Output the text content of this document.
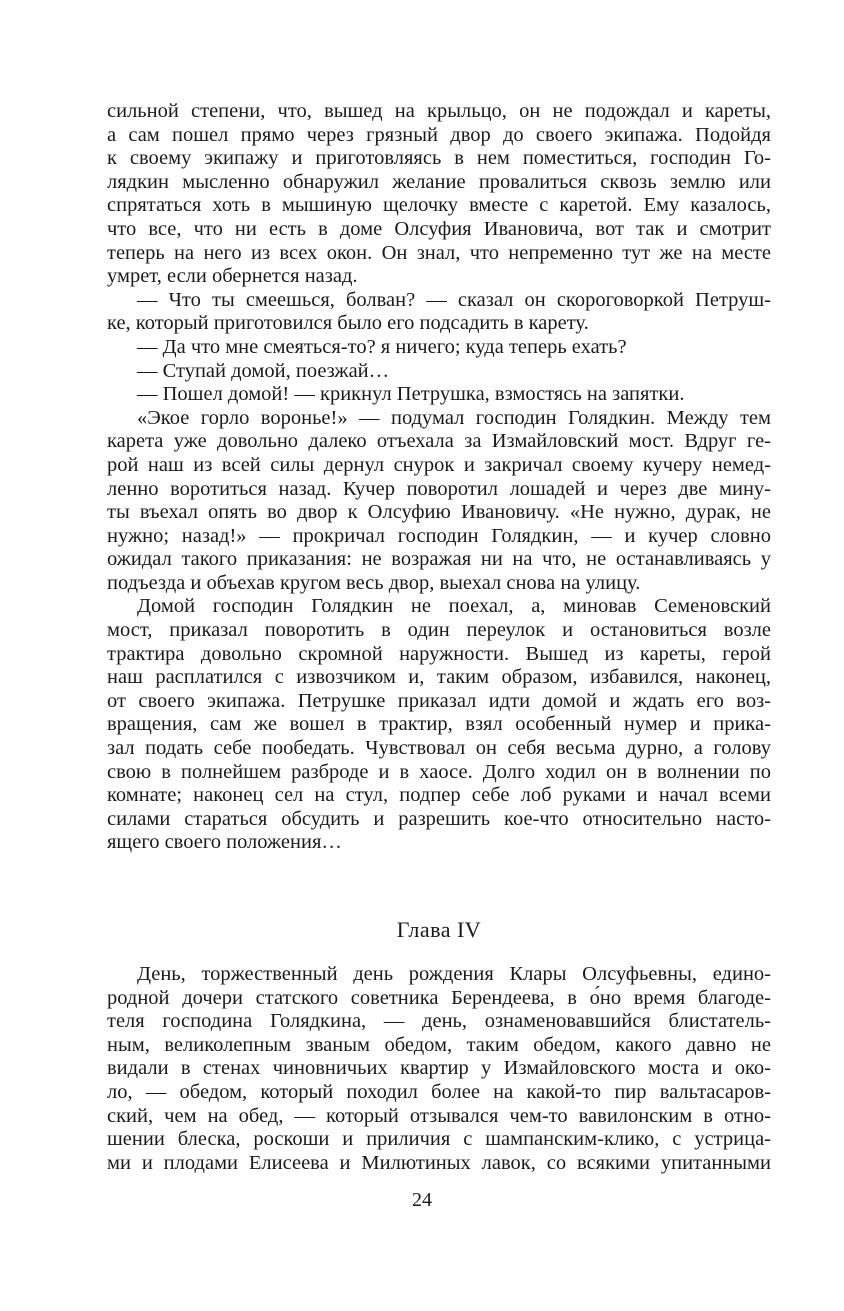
сильной степени, что, вышед на крыльцо, он не подождал и кареты,
а сам пошел прямо через грязный двор до своего экипажа. Подойдя
к своему экипажу и приготовляясь в нем поместиться, господин Го-
лядкин мысленно обнаружил желание провалиться сквозь землю или
спрятаться хоть в мышиную щелочку вместе с каретой. Ему казалось,
что все, что ни есть в доме Олсуфия Ивановича, вот так и смотрит
теперь на него из всех окон. Он знал, что непременно тут же на месте
умрет, если обернется назад.
— Что ты смеешься, болван? — сказал он скороговоркой Петруш-
ке, который приготовился было его подсадить в карету.
— Да что мне смеяться-то? я ничего; куда теперь ехать?
— Ступай домой, поезжай…
— Пошел домой! — крикнул Петрушка, взмостясь на запятки.
«Экое горло воронье!» — подумал господин Голядкин. Между тем
карета уже довольно далеко отъехала за Измайловский мост. Вдруг ге-
рой наш из всей силы дернул снурок и закричал своему кучеру немед-
ленно воротиться назад. Кучер поворотил лошадей и через две мину-
ты въехал опять во двор к Олсуфию Ивановичу. «Не нужно, дурак, не
нужно; назад!» — прокричал господин Голядкин, — и кучер словно
ожидал такого приказания: не возражая ни на что, не останавливаясь у
подъезда и объехав кругом весь двор, выехал снова на улицу.
Домой господин Голядкин не поехал, а, миновав Семеновский
мост, приказал поворотить в один переулок и остановиться возле
трактира довольно скромной наружности. Вышед из кареты, герой
наш расплатился с извозчиком и, таким образом, избавился, наконец,
от своего экипажа. Петрушке приказал идти домой и ждать его воз-
вращения, сам же вошел в трактир, взял особенный нумер и прика-
зал подать себе пообедать. Чувствовал он себя весьма дурно, а голову
свою в полнейшем разброде и в хаосе. Долго ходил он в волнении по
комнате; наконец сел на стул, подпер себе лоб руками и начал всеми
силами стараться обсудить и разрешить кое-что относительно насто-
ящего своего положения…
Глава IV
День, торжественный день рождения Клары Олсуфьевны, едино-
родной дочери статского советника Берендеева, в о́но время благоде-
теля господина Голядкина, — день, ознаменовавшийся блистатель-
ным, великолепным званым обедом, таким обедом, какого давно не
видали в стенах чиновничьих квартир у Измайловского моста и око-
ло, — обедом, который походил более на какой-то пир вальтасаров-
ский, чем на обед, — который отзывался чем-то вавилонским в отно-
шении блеска, роскоши и приличия с шампанским-клико, с устрица-
ми и плодами Елисеева и Милютиных лавок, со всякими упитанными
24
